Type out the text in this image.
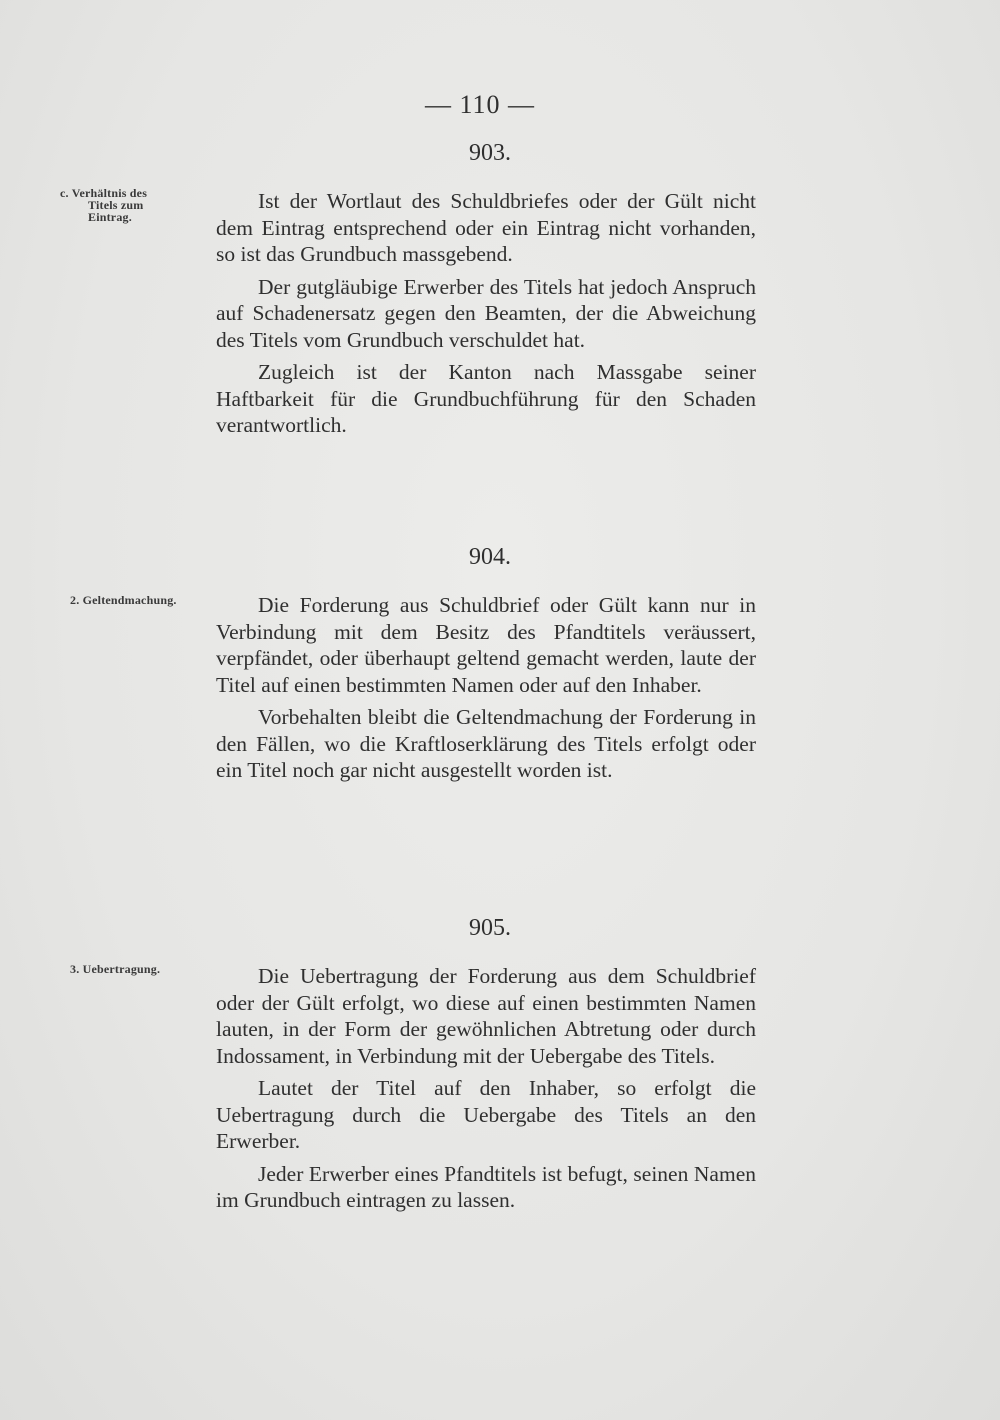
— 110 —
c. Verhältnis des
Titels zum
Eintrag.
903.

Ist der Wortlaut des Schuldbriefes oder der Gült nicht dem Eintrag entsprechend oder ein Eintrag nicht vorhanden, so ist das Grundbuch massgebend.

Der gutgläubige Erwerber des Titels hat jedoch Anspruch auf Schadenersatz gegen den Beamten, der die Abweichung des Titels vom Grundbuch verschuldet hat.

Zugleich ist der Kanton nach Massgabe seiner Haftbarkeit für die Grundbuchführung für den Schaden verantwortlich.

2. Geltendmachung.
904.

Die Forderung aus Schuldbrief oder Gült kann nur in Verbindung mit dem Besitz des Pfandtitels veräussert, verpfändet, oder überhaupt geltend gemacht werden, laute der Titel auf einen bestimmten Namen oder auf den Inhaber.

Vorbehalten bleibt die Geltendmachung der Forderung in den Fällen, wo die Kraftloserklärung des Titels erfolgt oder ein Titel noch gar nicht ausgestellt worden ist.

3. Uebertragung.
905.

Die Uebertragung der Forderung aus dem Schuldbrief oder der Gült erfolgt, wo diese auf einen bestimmten Namen lauten, in der Form der gewöhnlichen Abtretung oder durch Indossament, in Verbindung mit der Uebergabe des Titels.

Lautet der Titel auf den Inhaber, so erfolgt die Uebertragung durch die Uebergabe des Titels an den Erwerber.

Jeder Erwerber eines Pfandtitels ist befugt, seinen Namen im Grundbuch eintragen zu lassen.
